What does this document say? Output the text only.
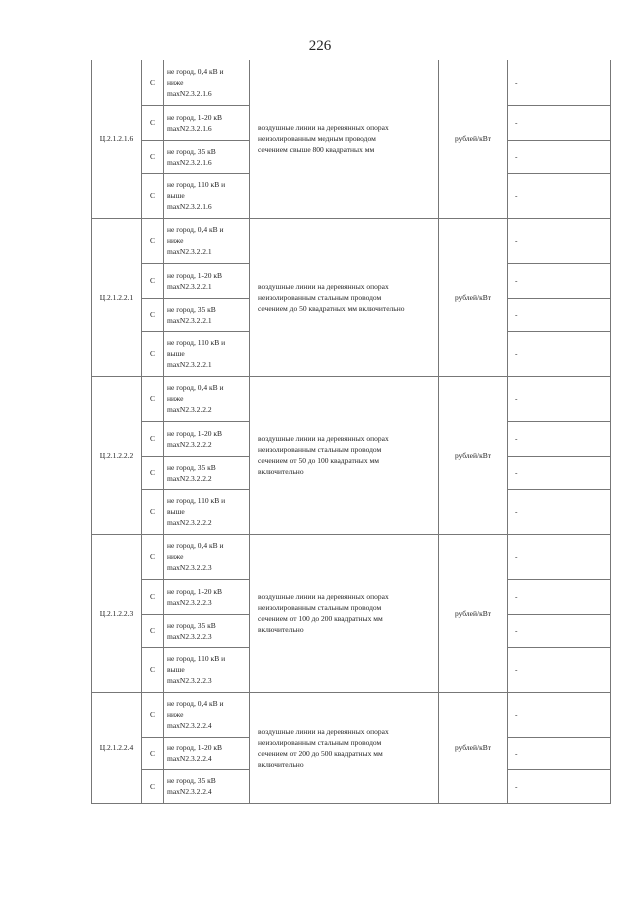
226
Ц.2.1.2.1.6	С	не город, 0,4 кВ и
ниже
maxN2.3.2.1.6	воздушные линии на деревянных опорах
неизолированным медным проводом
сечением свыше 800 квадратных мм	рублей/кВт	-
	С	не город, 1-20 кВ
maxN2.3.2.1.6			-
	С	не город, 35 кВ
maxN2.3.2.1.6			-
	С	не город, 110 кВ и
выше
maxN2.3.2.1.6			-
Ц.2.1.2.2.1	С	не город, 0,4 кВ и
ниже
maxN2.3.2.2.1	воздушные линии на деревянных опорах
неизолированным стальным проводом
сечением до 50 квадратных мм включительно	рублей/кВт	-
	С	не город, 1-20 кВ
maxN2.3.2.2.1			-
	С	не город, 35 кВ
maxN2.3.2.2.1			-
	С	не город, 110 кВ и
выше
maxN2.3.2.2.1			-
Ц.2.1.2.2.2	С	не город, 0,4 кВ и
ниже
maxN2.3.2.2.2	воздушные линии на деревянных опорах
неизолированным стальным проводом
сечением от 50 до 100 квадратных мм
включительно	рублей/кВт	-
	С	не город, 1-20 кВ
maxN2.3.2.2.2			-
	С	не город, 35 кВ
maxN2.3.2.2.2			-
	С	не город, 110 кВ и
выше
maxN2.3.2.2.2			-
Ц.2.1.2.2.3	С	не город, 0,4 кВ и
ниже
maxN2.3.2.2.3	воздушные линии на деревянных опорах
неизолированным стальным проводом
сечением от 100 до 200 квадратных мм
включительно	рублей/кВт	-
	С	не город, 1-20 кВ
maxN2.3.2.2.3			-
	С	не город, 35 кВ
maxN2.3.2.2.3			-
	С	не город, 110 кВ и
выше
maxN2.3.2.2.3			-
Ц.2.1.2.2.4	С	не город, 0,4 кВ и
ниже
maxN2.3.2.2.4	воздушные линии на деревянных опорах
неизолированным стальным проводом
сечением от 200 до 500 квадратных мм
включительно	рублей/кВт	-
	С	не город, 1-20 кВ
maxN2.3.2.2.4			-
	С	не город, 35 кВ
maxN2.3.2.2.4			-
